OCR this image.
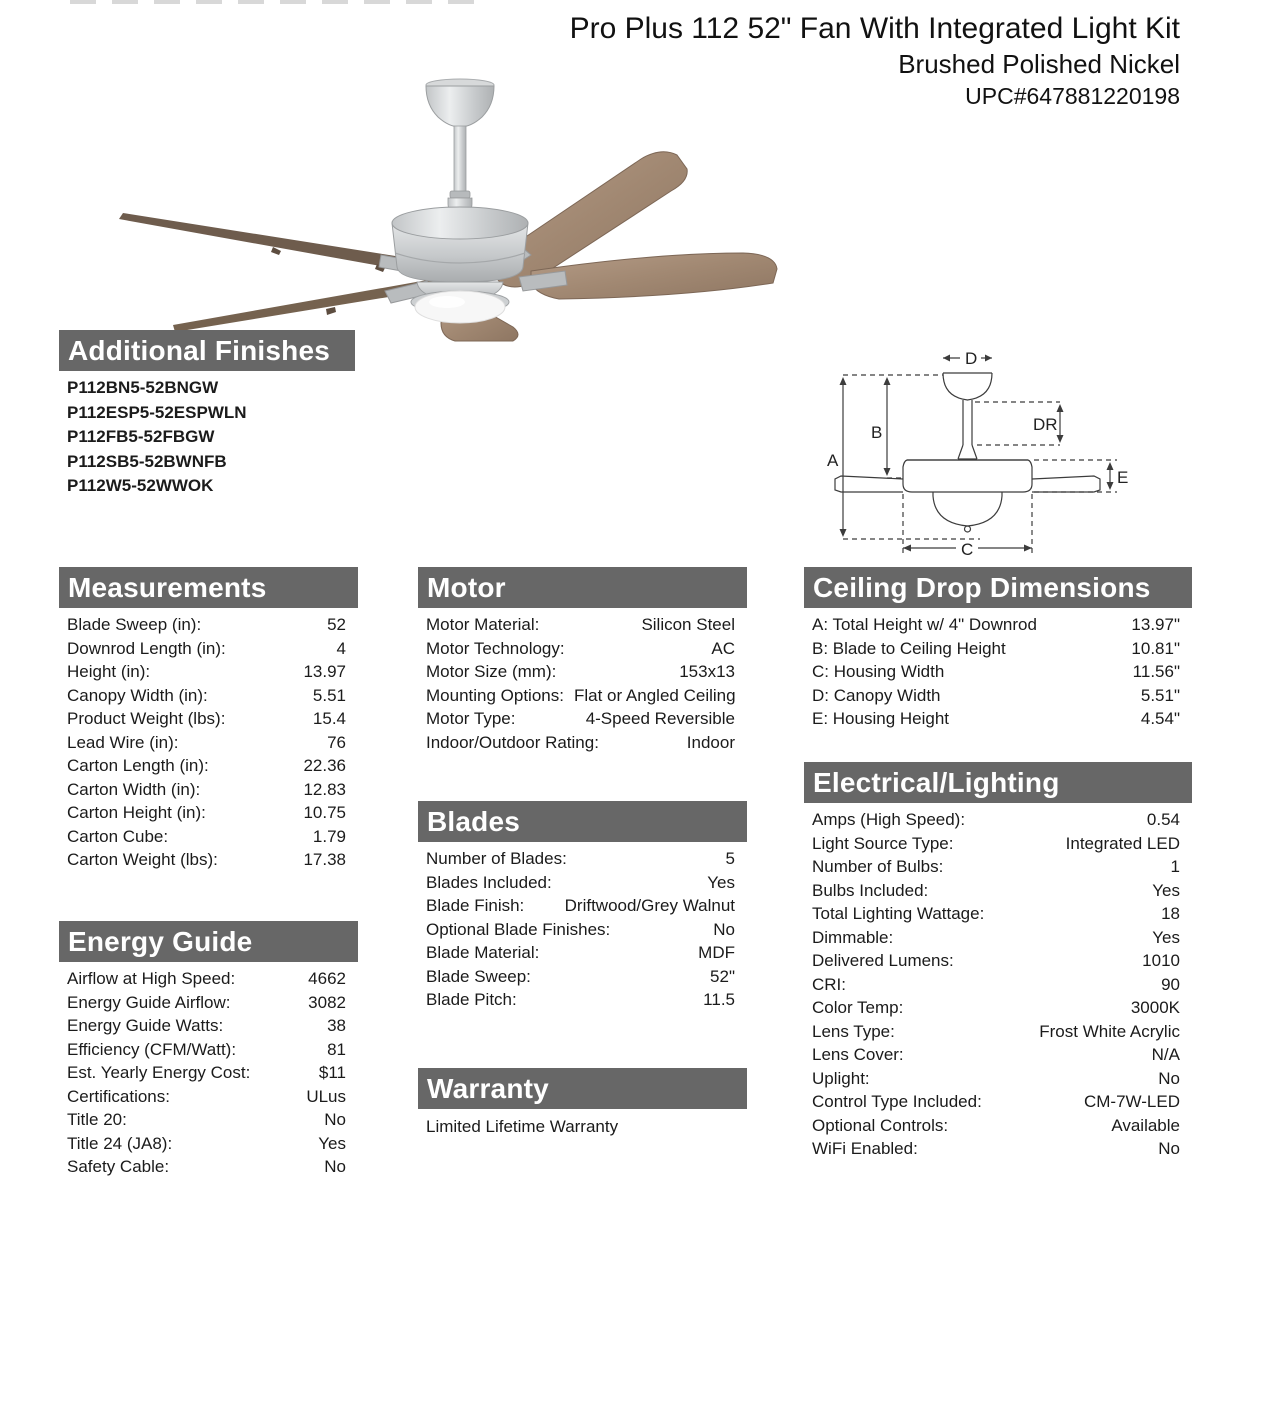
Pro Plus 112 52" Fan With Integrated Light Kit
Brushed Polished Nickel
UPC#647881220198
D
A
B	DR
E
C
Additional Finishes
P112BN5-52BNGW
P112ESP5-52ESPWLN
P112FB5-52FBGW
P112SB5-52BWNFB
P112W5-52WWOK
Measurements
Blade Sweep (in):	52
Downrod Length (in):	4
Height (in):	13.97
Canopy Width (in):	5.51
Product Weight (lbs):	15.4
Lead Wire (in):	76
Carton Length (in):	22.36
Carton Width (in):	12.83
Carton Height (in):	10.75
Carton Cube:	1.79
Carton Weight (lbs):	17.38
Energy Guide
Airflow at High Speed:	4662
Energy Guide Airflow:	3082
Energy Guide Watts:	38
Efficiency (CFM/Watt):	81
Est. Yearly Energy Cost:	$11
Certifications:	ULus
Title 20:	No
Title 24 (JA8):	Yes
Safety Cable:	No
Motor
Motor Material:	Silicon Steel
Motor Technology:	AC
Motor Size (mm):	153x13
Mounting Options: Flat or Angled Ceiling
Motor Type:	4-Speed Reversible
Indoor/Outdoor Rating:	Indoor
Blades
Number of Blades:	5
Blades Included:	Yes
Blade Finish:	Driftwood/Grey Walnut
Optional Blade Finishes:	No
Blade Material:	MDF
Blade Sweep:	52"
Blade Pitch:	11.5
Warranty
Limited Lifetime Warranty
Ceiling Drop Dimensions
A: Total Height w/ 4" Downrod	13.97"
B: Blade to Ceiling Height	10.81"
C: Housing Width	11.56"
D: Canopy Width	5.51"
E: Housing Height	4.54"
Electrical/Lighting
Amps (High Speed):	0.54
Light Source Type:	Integrated LED
Number of Bulbs:	1
Bulbs Included:	Yes
Total Lighting Wattage:	18
Dimmable:	Yes
Delivered Lumens:	1010
CRI:	90
Color Temp:	3000K
Lens Type:	Frost White Acrylic
Lens Cover:	N/A
Uplight:	No
Control Type Included:	CM-7W-LED
Optional Controls:	Available
WiFi Enabled:	No
